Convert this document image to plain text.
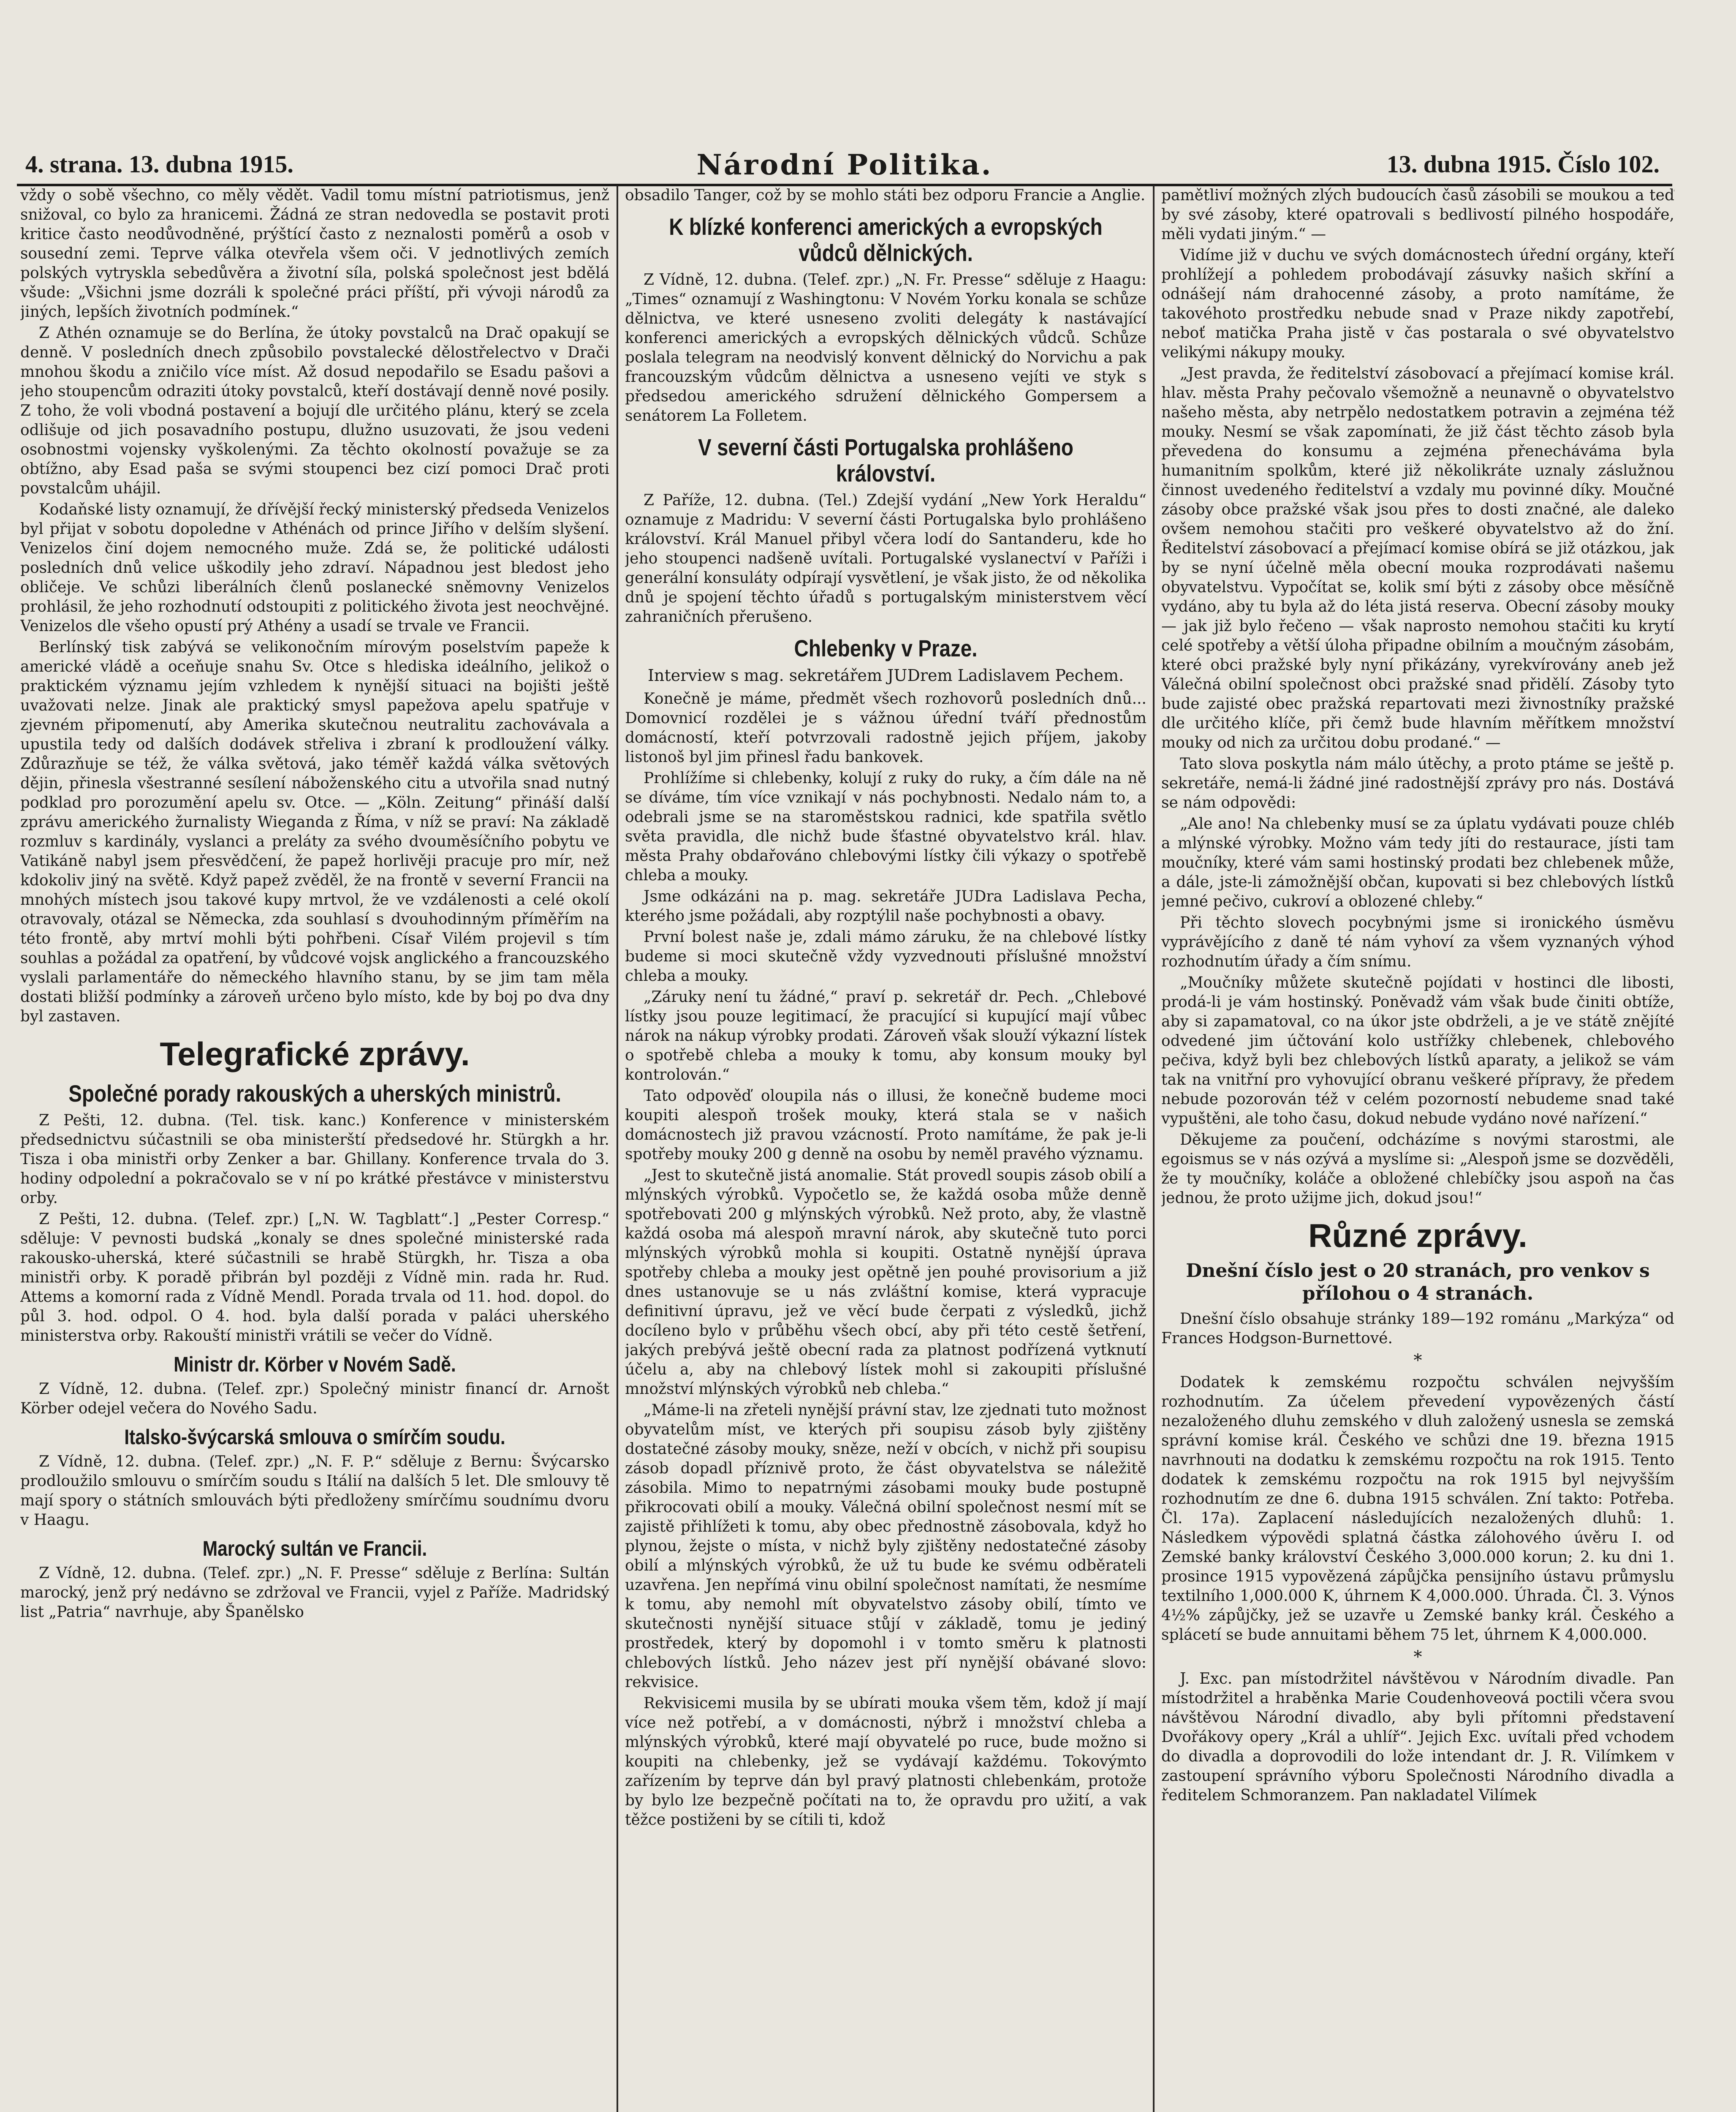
4. strana. 13. dubna 1915.	Národní Politika.	13. dubna 1915. Číslo 102.

vždy o sobě všechno, co měly vědět. Vadil tomu místní patriotismus, jenž snižoval, co bylo za hranicemi. Žádná ze stran nedovedla se postavit proti kritice často neodůvodněné, prýštící často z neznalosti poměrů a osob v sousední zemi. Teprve válka otevřela všem oči. V jednotlivých zemích polských vytryskla sebedůvěra a životní síla, polská společnost jest bdělá všude: „Všichni jsme dozráli k společné práci příští, při vývoji národů za jiných, lepších životních podmínek.“

Z Athén oznamuje se do Berlína, že útoky povstalců na Drač opakují se denně. V posledních dnech způsobilo povstalecké dělostřelectvo v Drači mnohou škodu a zničilo více míst. Až dosud nepodařilo se Esadu pašovi a jeho stoupencům odraziti útoky povstalců, kteří dostávají denně nové posily. Z toho, že voli vbodná postavení a bojují dle určitého plánu, který se zcela odlišuje od jich posavadního postupu, dlužno usuzovati, že jsou vedeni osobnostmi vojensky vyškolenými. Za těchto okolností považuje se za obtížno, aby Esad paša se svými stoupenci bez cizí pomoci Drač proti povstalcům uhájil.

Kodaňské listy oznamují, že dřívější řecký ministerský předseda Venizelos byl přijat v sobotu dopoledne v Athénách od prince Jiřího v delším slyšení. Venizelos činí dojem nemocného muže. Zdá se, že politické události posledních dnů velice uškodily jeho zdraví. Nápadnou jest bledost jeho obličeje. Ve schůzi liberálních členů poslanecké sněmovny Venizelos prohlásil, že jeho rozhodnutí odstoupiti z politického života jest neochvějné. Venizelos dle všeho opustí prý Athény a usadí se trvale ve Francii.

Berlínský tisk zabývá se velikonočním mírovým poselstvím papeže k americké vládě a oceňuje snahu Sv. Otce s hlediska ideálního, jelikož o praktickém významu jejím vzhledem k nynější situaci na bojišti ještě uvažovati nelze. Jinak ale praktický smysl papežova apelu spatřuje v zjevném připomenutí, aby Amerika skutečnou neutralitu zachovávala a upustila tedy od dalších dodávek střeliva i zbraní k prodloužení války. Zdůrazňuje se též, že válka světová, jako téměř každá válka světových dějin, přinesla všestranné sesílení náboženského citu a utvořila snad nutný podklad pro porozumění apelu sv. Otce. — „Köln. Zeitung“ přináší další zprávu amerického žurnalisty Wieganda z Říma, v níž se praví: Na základě rozmluv s kardinály, vyslanci a preláty za svého dvouměsíčního pobytu ve Vatikáně nabyl jsem přesvědčení, že papež horlivěji pracuje pro mír, než kdokoliv jiný na světě. Když papež zvěděl, že na frontě v severní Francii na mnohých místech jsou takové kupy mrtvol, že ve vzdálenosti a celé okolí otravovaly, otázal se Německa, zda souhlasí s dvouhodinným příměřím na této frontě, aby mrtví mohli býti pohřbeni. Císař Vilém projevil s tím souhlas a požádal za opatření, by vůdcové vojsk anglického a francouzského vyslali parlamentáře do německého hlavního stanu, by se jim tam měla dostati bližší podmínky a zároveň určeno bylo místo, kde by boj po dva dny byl zastaven.

Telegrafické zprávy.
Společné porady rakouských a uherských ministrů.

Z Pešti, 12. dubna. (Tel. tisk. kanc.) Konference v ministerském předsednictvu súčastnili se oba ministerští předsedové hr. Stürgkh a hr. Tisza i oba ministři orby Zenker a bar. Ghillany. Konference trvala do 3. hodiny odpolední a pokračovalo se v ní po krátké přestávce v ministerstvu orby.

Z Pešti, 12. dubna. (Telef. zpr.) [„N. W. Tagblatt“.] „Pester Corresp.“ sděluje: V pevnosti budská „konaly se dnes společné ministerské rada rakousko-uherská, které súčastnili se hrabě Stürgkh, hr. Tisza a oba ministři orby. K poradě přibrán byl později z Vídně min. rada hr. Rud. Attems a komorní rada z Vídně Mendl. Porada trvala od 11. hod. dopol. do půl 3. hod. odpol. O 4. hod. byla další porada v paláci uherského ministerstva orby. Rakouští ministři vrátili se večer do Vídně.

Ministr dr. Körber v Novém Sadě.

Z Vídně, 12. dubna. (Telef. zpr.) Společný ministr financí dr. Arnošt Körber odejel večera do Nového Sadu.

Italsko-švýcarská smlouva o smírčím soudu.

Z Vídně, 12. dubna. (Telef. zpr.) „N. F. P.“ sděluje z Bernu: Švýcarsko prodloužilo smlouvu o smírčím soudu s Itálií na dalších 5 let. Dle smlouvy tě mají spory o státních smlouvách býti předloženy smírčímu soudnímu dvoru v Haagu.

Marocký sultán ve Francii.

Z Vídně, 12. dubna. (Telef. zpr.) „N. F. Presse“ sděluje z Berlína: Sultán marocký, jenž prý nedávno se zdržoval ve Francii, vyjel z Paříže. Madridský list „Patria“ navrhuje, aby Španělsko

obsadilo Tanger, což by se mohlo státi bez odporu Francie a Anglie.

K blízké konferenci amerických a evropských vůdců dělnických.

Z Vídně, 12. dubna. (Telef. zpr.) „N. Fr. Presse“ sděluje z Haagu: „Times“ oznamují z Washingtonu: V Novém Yorku konala se schůze dělnictva, ve které usneseno zvoliti delegáty k nastávající konferenci amerických a evropských dělnických vůdců. Schůze poslala telegram na neodvislý konvent dělnický do Norvichu a pak francouzským vůdcům dělnictva a usneseno vejíti ve styk s předsedou amerického sdružení dělnického Gompersem a senátorem La Folletem.

V severní části Portugalska prohlášeno království.

Z Paříže, 12. dubna. (Tel.) Zdejší vydání „New York Heraldu“ oznamuje z Madridu: V severní části Portugalska bylo prohlášeno království. Král Manuel přibyl včera lodí do Santanderu, kde ho jeho stoupenci nadšeně uvítali. Portugalské vyslanectví v Paříži i generální konsuláty odpírají vysvětlení, je však jisto, že od několika dnů je spojení těchto úřadů s portugalským ministerstvem věcí zahraničních přerušeno.

Chlebenky v Praze.
Interview s mag. sekretářem JUDrem Ladislavem Pechem.

Konečně je máme, předmět všech rozhovorů posledních dnů... Domovnicí rozdělei je s vážnou úřední tváří přednostům domácností, kteří potvrzovali radostně jejich příjem, jakoby listonoš byl jim přinesl řadu bankovek.

Prohlížíme si chlebenky, kolují z ruky do ruky, a čím dále na ně se díváme, tím více vznikají v nás pochybnosti. Nedalo nám to, a odebrali jsme se na staroměstskou radnici, kde spatřila světlo světa pravidla, dle nichž bude šťastné obyvatelstvo král. hlav. města Prahy obdařováno chlebovými lístky čili výkazy o spotřebě chleba a mouky.

Jsme odkázáni na p. mag. sekretáře JUDra Ladislava Pecha, kterého jsme požádali, aby rozptýlil naše pochybnosti a obavy.

První bolest naše je, zdali mámo záruku, že na chlebové lístky budeme si moci skutečně vždy vyzvednouti příslušné množství chleba a mouky.

„Záruky není tu žádné,“ praví p. sekretář dr. Pech. „Chlebové lístky jsou pouze legitimací, že pracující si kupující mají vůbec nárok na nákup výrobky prodati. Zároveň však slouží výkazní lístek o spotřebě chleba a mouky k tomu, aby konsum mouky byl kontrolován.“

Tato odpověď oloupila nás o illusi, že konečně budeme moci koupiti alespoň trošek mouky, která stala se v našich domácnostech již pravou vzácností. Proto namítáme, že pak je-li spotřeby mouky 200 g denně na osobu by neměl pravého významu.

„Jest to skutečně jistá anomalie. Stát provedl soupis zásob obilí a mlýnských výrobků. Vypočetlo se, že každá osoba může denně spotřebovati 200 g mlýnských výrobků. Než proto, aby, že vlastně každá osoba má alespoň mravní nárok, aby skutečně tuto porci mlýnských výrobků mohla si koupiti. Ostatně nynější úprava spotřeby chleba a mouky jest opětně jen pouhé provisorium a již dnes ustanovuje se u nás zvláštní komise, která vypracuje definitivní úpravu, jež ve věcí bude čerpati z výsledků, jichž docíleno bylo v průběhu všech obcí, aby při této cestě šetření, jakých prebývá ještě obecní rada za platnost podřízená vytknutí účelu a, aby na chlebový lístek mohl si zakoupiti příslušné množství mlýnských výrobků neb chleba.“

„Máme-li na zřeteli nynější právní stav, lze zjednati tuto možnost obyvatelům míst, ve kterých při soupisu zásob byly zjištěny dostatečné zásoby mouky, sněze, neží v obcích, v nichž při soupisu zásob dopadl příznivě proto, že část obyvatelstva se náležitě zásobila. Mimo to nepatrnými zásobami mouky bude postupně přikrocovati obilí a mouky. Válečná obilní společnost nesmí mít se zajistě přihlížeti k tomu, aby obec přednostně zásobovala, když ho plynou, žejste o místa, v nichž byly zjištěny nedostatečné zásoby obilí a mlýnských výrobků, že už tu bude ke svému odběrateli uzavřena. Jen nepřímá vinu obilní společnost namítati, že nesmíme k tomu, aby nemohl mít obyvatelstvo zásoby obilí, tímto ve skutečnosti nynější situace stůjí v základě, tomu je jediný prostředek, který by dopomohl i v tomto směru k platnosti chlebových lístků. Jeho název jest pří nynější obávané slovo: rekvisice.

Rekvisicemi musila by se ubírati mouka všem těm, kdož jí mají více než potřebí, a v domácnosti, nýbrž i množství chleba a mlýnských výrobků, které mají obyvatelé po ruce, bude možno si koupiti na chlebenky, jež se vydávají každému. Tokovýmto zařízením by teprve dán byl pravý platnosti chlebenkám, protože by bylo lze bezpečně počítati na to, že opravdu pro užití, a vak těžce postiženi by se cítili ti, kdož

pamětliví možných zlých budoucích časů zásobili se moukou a teď by své zásoby, které opatrovali s bedlivostí pilného hospodáře, měli vydati jiným.“ —

Vidíme již v duchu ve svých domácnostech úřední orgány, kteří prohlížejí a pohledem probodávají zásuvky našich skříní a odnášejí nám drahocenné zásoby, a proto namítáme, že takovéhoto prostředku nebude snad v Praze nikdy zapotřebí, neboť matička Praha jistě v čas postarala o své obyvatelstvo velikými nákupy mouky.

„Jest pravda, že ředitelství zásobovací a přejímací komise král. hlav. města Prahy pečovalo všemožně a neunavně o obyvatelstvo našeho města, aby netrpělo nedostatkem potravin a zejména též mouky. Nesmí se však zapomínati, že již část těchto zásob byla převedena do konsumu a zejména přenecháváma byla humanitním spolkům, které již několikráte uznaly záslužnou činnost uvedeného ředitelství a vzdaly mu povinné díky. Moučné zásoby obce pražské však jsou přes to dosti značné, ale daleko ovšem nemohou stačiti pro veškeré obyvatelstvo až do žní. Ředitelství zásobovací a přejímací komise obírá se již otázkou, jak by se nyní účelně měla obecní mouka rozprodávati našemu obyvatelstvu. Vypočítat se, kolik smí býti z zásoby obce měsíčně vydáno, aby tu byla až do léta jistá reserva. Obecní zásoby mouky — jak již bylo řečeno — však naprosto nemohou stačiti ku krytí celé spotřeby a větší úloha připadne obilním a moučným zásobám, které obci pražské byly nyní přikázány, vyrekvírovány aneb jež Válečná obilní společnost obci pražské snad přidělí. Zásoby tyto bude zajisté obec pražská repartovati mezi živnostníky pražské dle určitého klíče, při čemž bude hlavním měřítkem množství mouky od nich za určitou dobu prodané.“ —

Tato slova poskytla nám málo útěchy, a proto ptáme se ještě p. sekretáře, nemá-li žádné jiné radostnější zprávy pro nás. Dostává se nám odpovědi:

„Ale ano! Na chlebenky musí se za úplatu vydávati pouze chléb a mlýnské výrobky. Možno vám tedy jíti do restaurace, jísti tam moučníky, které vám sami hostinský prodati bez chlebenek může, a dále, jste-li zámožnější občan, kupovati si bez chlebových lístků jemné pečivo, cukroví a oblozené chleby.“

Při těchto slovech pocybnými jsme si ironického úsměvu vyprávějícího z daně té nám vyhoví za všem vyznaných výhod rozhodnutím úřady a čím snímu.

„Moučníky můžete skutečně pojídati v hostinci dle libosti, prodá-li je vám hostinský. Poněvadž vám však bude činiti obtíže, aby si zapamatoval, co na úkor jste obdrželi, a je ve státě znějíté odvedené jim účtování kolo ustřížky chlebenek, chlebového pečiva, když byli bez chlebových lístků aparaty, a jelikož se vám tak na vnitřní pro vyhovující obranu veškeré přípravy, že předem nebude pozorován též v celém pozorností nebudeme snad také vypuštěni, ale toho času, dokud nebude vydáno nové nařízení.“

Děkujeme za poučení, odcházíme s novými starostmi, ale egoismus se v nás ozývá a myslíme si: „Alespoň jsme se dozvěděli, že ty moučníky, koláče a obložené chlebíčky jsou aspoň na čas jednou, že proto užijme jich, dokud jsou!“

Různé zprávy.
Dnešní číslo jest o 20 stranách, pro venkov s přílohou o 4 stranách.

Dnešní číslo obsahuje stránky 189—192 románu „Markýza“ od Frances Hodgson-Burnettové.

*

Dodatek k zemskému rozpočtu schválen nejvyšším rozhodnutím. Za účelem převedení vypovězených částí nezaloženého dluhu zemského v dluh založený usnesla se zemská správní komise král. Českého ve schůzi dne 19. března 1915 navrhnouti na dodatku k zemskému rozpočtu na rok 1915. Tento dodatek k zemskému rozpočtu na rok 1915 byl nejvyšším rozhodnutím ze dne 6. dubna 1915 schválen. Zní takto: Potřeba. Čl. 17a). Zaplacení následujících nezaložených dluhů: 1. Následkem výpovědi splatná částka zálohového úvěru I. od Zemské banky království Českého 3,000.000 korun; 2. ku dni 1. prosince 1915 vypovězená zápůjčka pensijního ústavu průmyslu textilního 1,000.000 K, úhrnem K 4,000.000. Úhrada. Čl. 3. Výnos 4½% zápůjčky, jež se uzavře u Zemské banky král. Českého a splácetí se bude annuitami během 75 let, úhrnem K 4,000.000.

*

J. Exc. pan místodržitel návštěvou v Národním divadle. Pan místodržitel a hraběnka Marie Coudenhoveová poctili včera svou návštěvou Národní divadlo, aby byli přítomni představení Dvořákovy opery „Král a uhlíř“. Jejich Exc. uvítali před vchodem do divadla a doprovodili do lože intendant dr. J. R. Vilímkem v zastoupení správního výboru Společnosti Národního divadla a ředitelem Schmoranzem. Pan nakladatel Vilímek
